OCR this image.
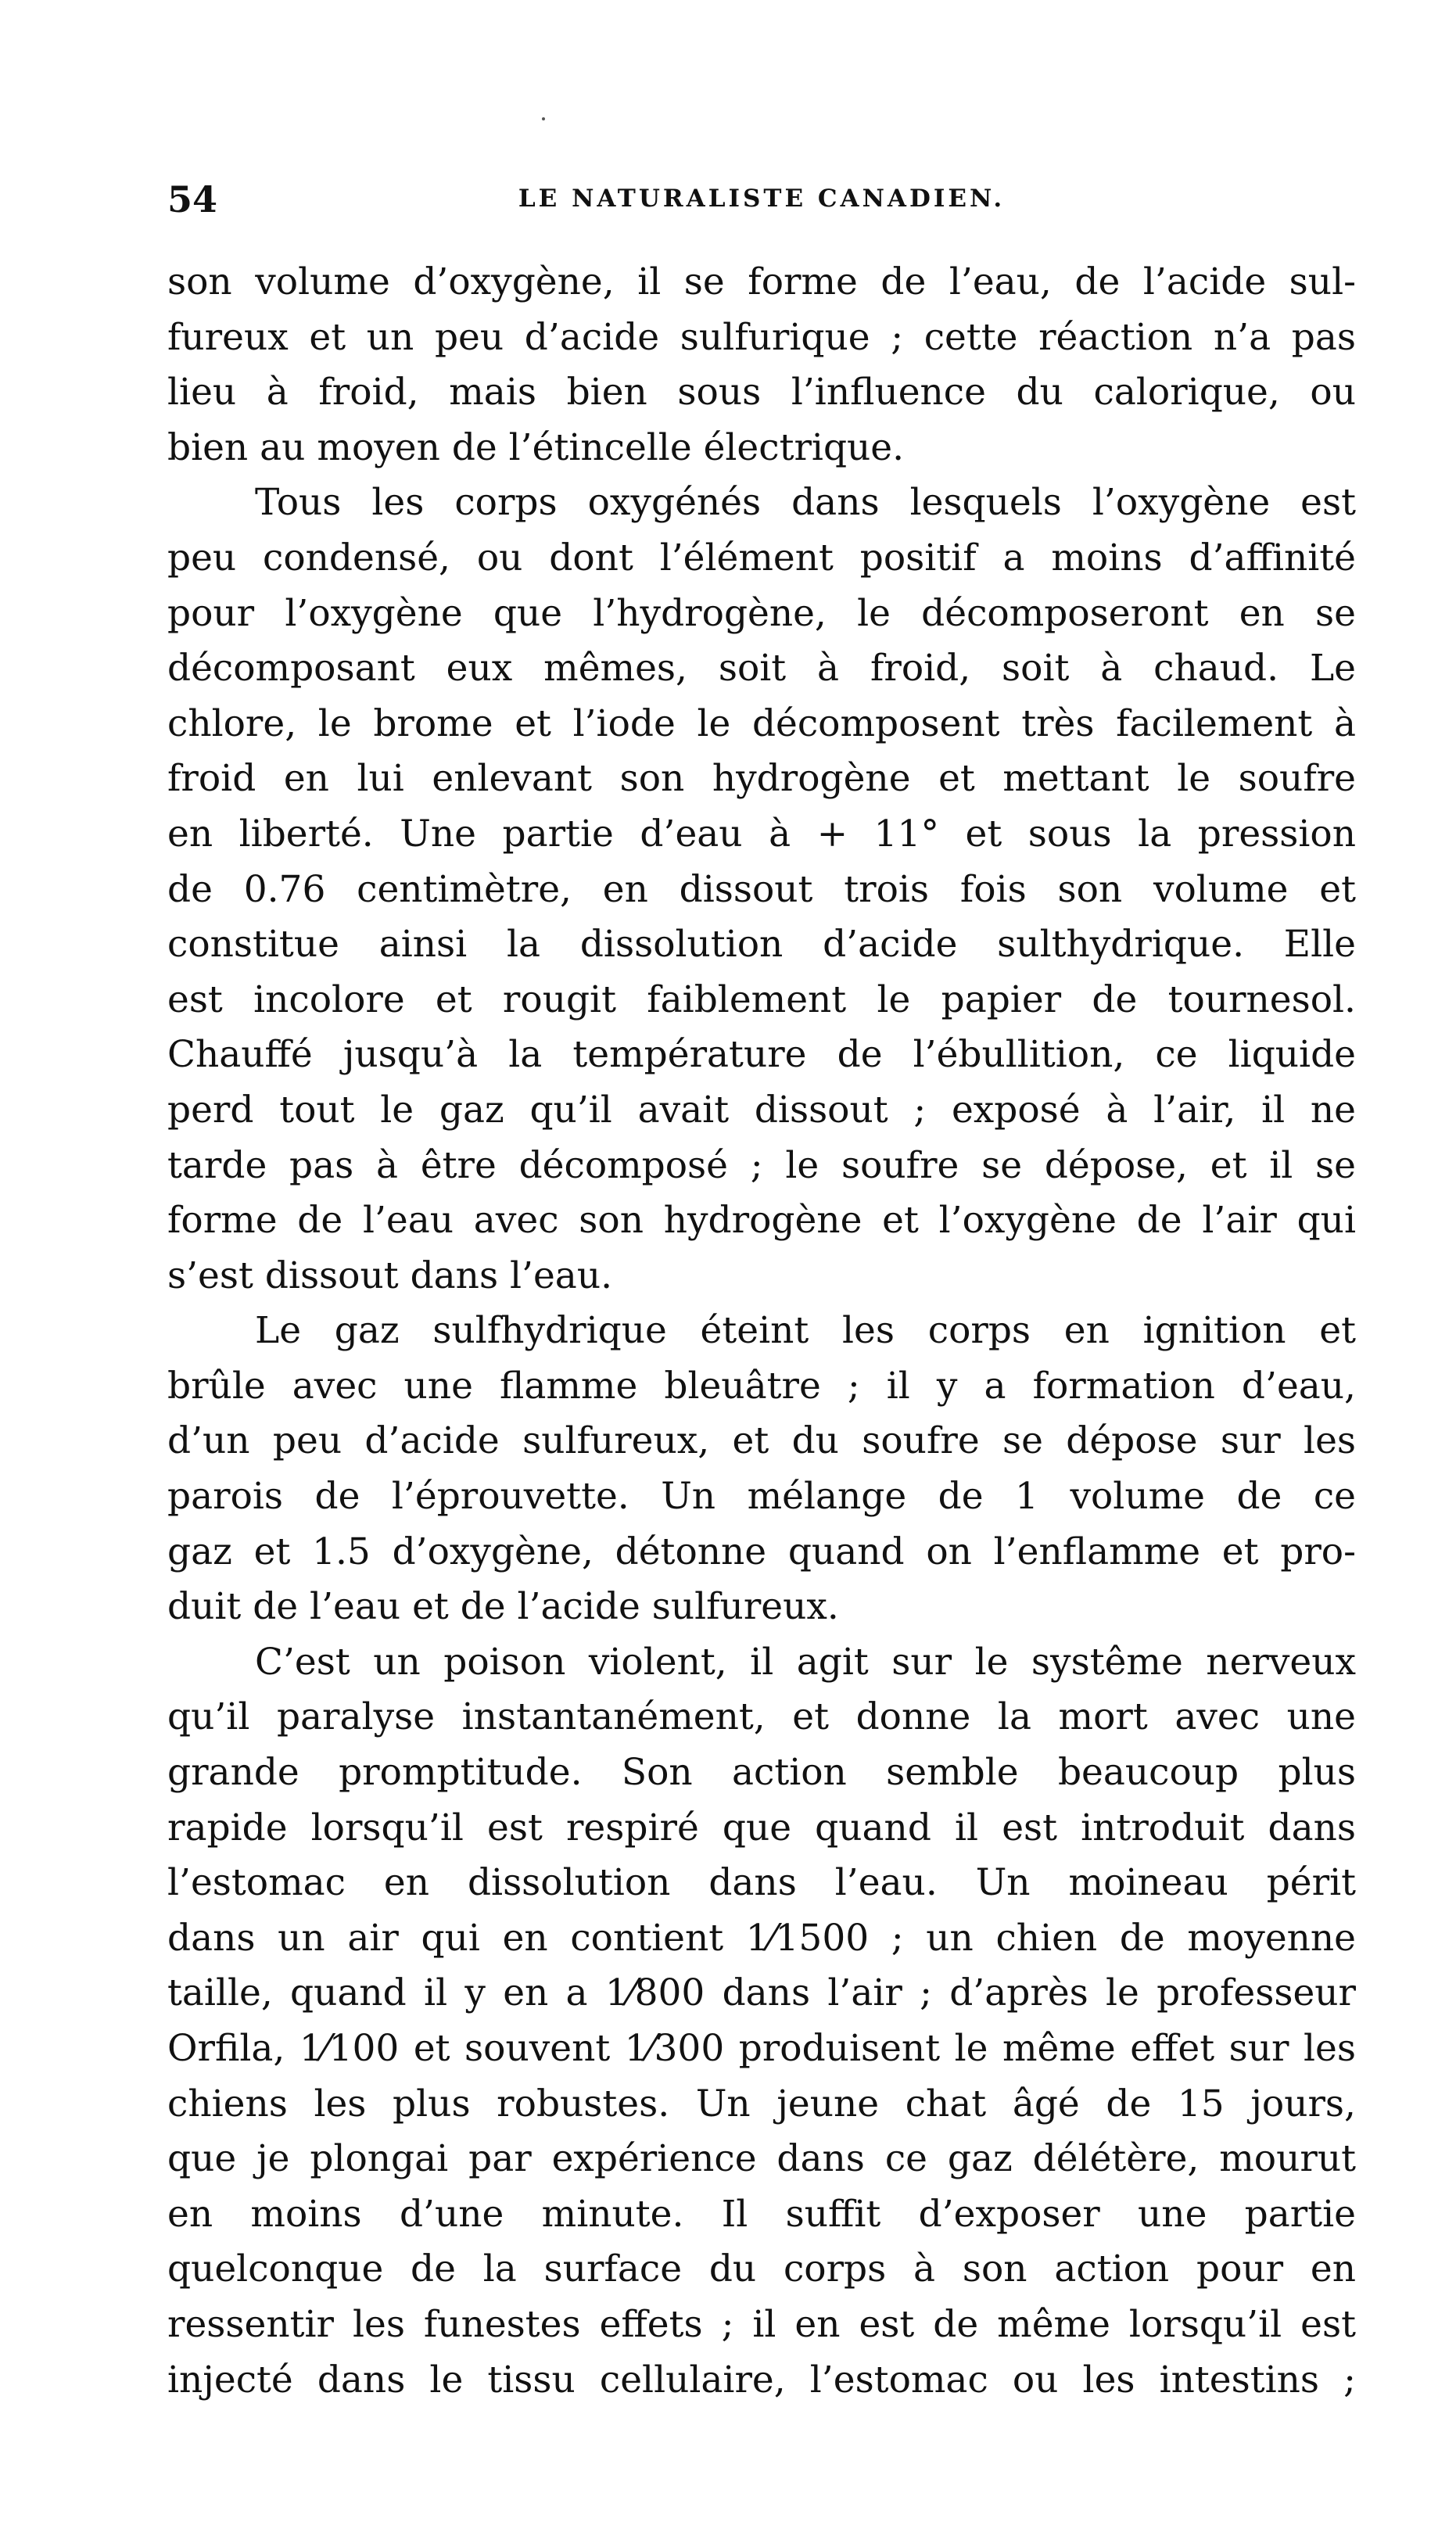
54	LE NATURALISTE CANADIEN.
son volume d’oxygène, il se forme de l’eau, de l’acide sul-
fureux et un peu d’acide sulfurique ; cette réaction n’a pas
lieu à froid, mais bien sous l’influence du calorique, ou
bien au moyen de l’étincelle électrique.
Tous les corps oxygénés dans lesquels l’oxygène est
peu condensé, ou dont l’élément positif a moins d’affinité
pour l’oxygène que l’hydrogène, le décomposeront en se
décomposant eux mêmes, soit à froid, soit à chaud. Le
chlore, le brome et l’iode le décomposent très facilement à
froid en lui enlevant son hydrogène et mettant le soufre
en liberté. Une partie d’eau à + 11° et sous la pression
de 0.76 centimètre, en dissout trois fois son volume et
constitue ainsi la dissolution d’acide sulthydrique. Elle
est incolore et rougit faiblement le papier de tournesol.
Chauffé jusqu’à la température de l’ébullition, ce liquide
perd tout le gaz qu’il avait dissout ; exposé à l’air, il ne
tarde pas à être décomposé ; le soufre se dépose, et il se
forme de l’eau avec son hydrogène et l’oxygène de l’air qui
s’est dissout dans l’eau.
Le gaz sulfhydrique éteint les corps en ignition et
brûle avec une flamme bleuâtre ; il y a formation d’eau,
d’un peu d’acide sulfureux, et du soufre se dépose sur les
parois de l’éprouvette. Un mélange de 1 volume de ce
gaz et 1.5 d’oxygène, détonne quand on l’enflamme et pro-
duit de l’eau et de l’acide sulfureux.
C’est un poison violent, il agit sur le systême nerveux
qu’il paralyse instantanément, et donne la mort avec une
grande promptitude. Son action semble beaucoup plus
rapide lorsqu’il est respiré que quand il est introduit dans
l’estomac en dissolution dans l’eau. Un moineau périt
dans un air qui en contient 1⁄1500 ; un chien de moyenne
taille, quand il y en a 1⁄800 dans l’air ; d’après le professeur
Orfila, 1⁄100 et souvent 1⁄300 produisent le même effet sur les
chiens les plus robustes. Un jeune chat âgé de 15 jours,
que je plongai par expérience dans ce gaz délétère, mourut
en moins d’une minute. Il suffit d’exposer une partie
quelconque de la surface du corps à son action pour en
ressentir les funestes effets ; il en est de même lorsqu’il est
injecté dans le tissu cellulaire, l’estomac ou les intestins ;
